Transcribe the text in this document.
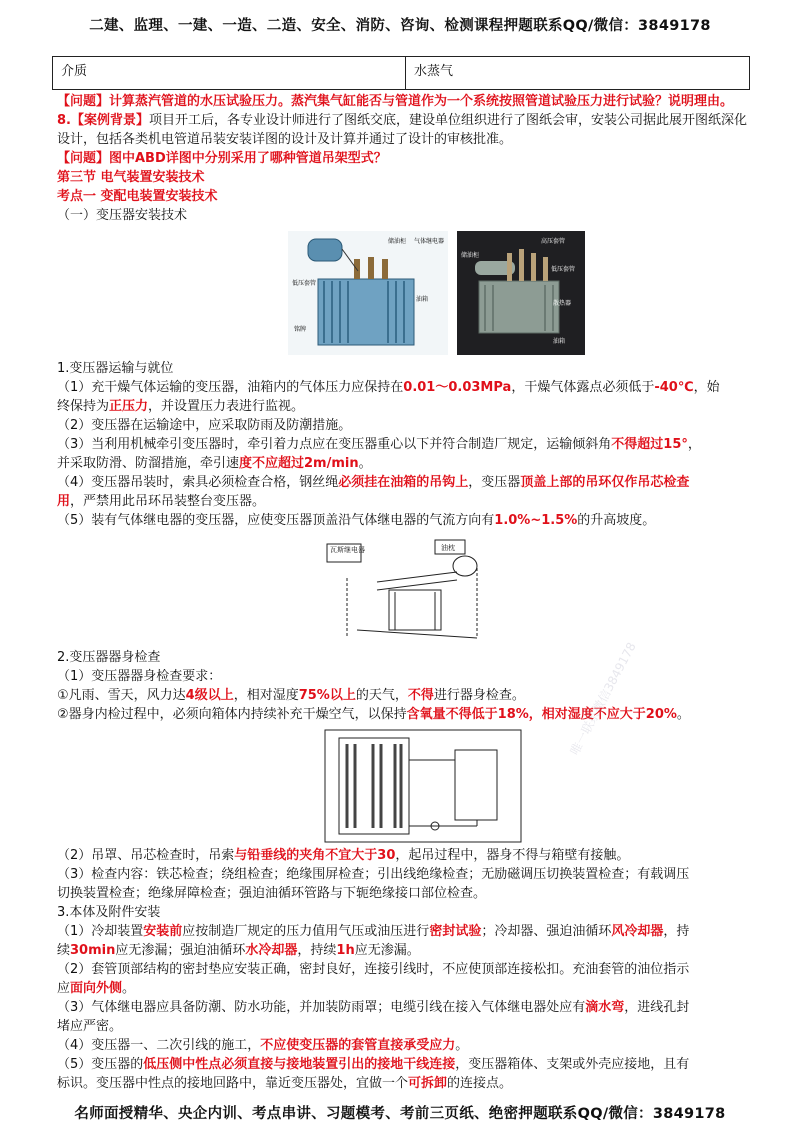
二建、监理、一建、一造、二造、安全、消防、咨询、检测课程押题联系QQ/微信：3849178
介质	水蒸气

【问题】计算蒸汽管道的水压试验压力。蒸汽集气缸能否与管道作为一个系统按照管道试验压力进行试验？说明理由。

8.【案例背景】项目开工后，各专业设计师进行了图纸交底，建设单位组织进行了图纸会审，安装公司据此展开图纸深化设计，包括各类机电管道吊装安装详图的设计及计算并通过了设计的审核批准。

【问题】图中ABD详图中分别采用了哪种管道吊架型式？

第三节 电气装置安装技术

考点一 变配电装置安装技术

（一）变压器安装技术

储油柜 气体继电器
低压套管
油箱
铭牌
高压套管
低压套管
散热器
油箱
储油柜

1.变压器运输与就位

（1）充干燥气体运输的变压器，油箱内的气体压力应保持在0.01～0.03MPa，干燥气体露点必须低于-40℃，始

终保持为正压力，并设置压力表进行监视。

（2）变压器在运输途中，应采取防雨及防潮措施。

（3）当利用机械牵引变压器时，牵引着力点应在变压器重心以下并符合制造厂规定，运输倾斜角不得超过15°，

并采取防滑、防溜措施，牵引速度不应超过2m/min。

（4）变压器吊装时，索具必须检查合格，钢丝绳必须挂在油箱的吊钩上，变压器顶盖上部的吊环仅作吊芯检查

用，严禁用此吊环吊装整台变压器。

（5）装有气体继电器的变压器，应使变压器顶盖沿气体继电器的气流方向有1.0%~1.5%的升高坡度。

瓦斯继电器	油枕

2.变压器器身检查

（1）变压器器身检查要求：

①凡雨、雪天，风力达4级以上，相对湿度75%以上的天气，不得进行器身检查。

②器身内检过程中，必须向箱体内持续补充干燥空气，以保持含氧量不得低于18%，相对湿度不应大于20%。

（2）吊罩、吊芯检查时，吊索与铅垂线的夹角不宜大于30，起吊过程中，器身不得与箱壁有接触。

（3）检查内容：铁芯检查；绕组检查；绝缘围屏检查；引出线绝缘检查；无励磁调压切换装置检查；有载调压

切换装置检查；绝缘屏障检查；强迫油循环管路与下轭绝缘接口部位检查。

3.本体及附件安装

（1）冷却装置安装前应按制造厂规定的压力值用气压或油压进行密封试验；冷却器、强迫油循环风冷却器，持

续30min应无渗漏；强迫油循环水冷却器，持续1h应无渗漏。

（2）套管顶部结构的密封垫应安装正确，密封良好，连接引线时，不应使顶部连接松扣。充油套管的油位指示

应面向外侧。

（3）气体继电器应具备防潮、防水功能，并加装防雨罩；电缆引线在接入气体继电器处应有滴水弯，进线孔封

堵应严密。

（4）变压器一、二次引线的施工，不应使变压器的套管直接承受应力。

（5）变压器的低压侧中性点必须直接与接地装置引出的接地干线连接，变压器箱体、支架或外壳应接地，且有

标识。变压器中性点的接地回路中，靠近变压器处，宜做一个可拆卸的连接点。

唯一联系微信3849178
名师面授精华、央企内训、考点串讲、习题模考、考前三页纸、绝密押题联系QQ/微信：3849178
